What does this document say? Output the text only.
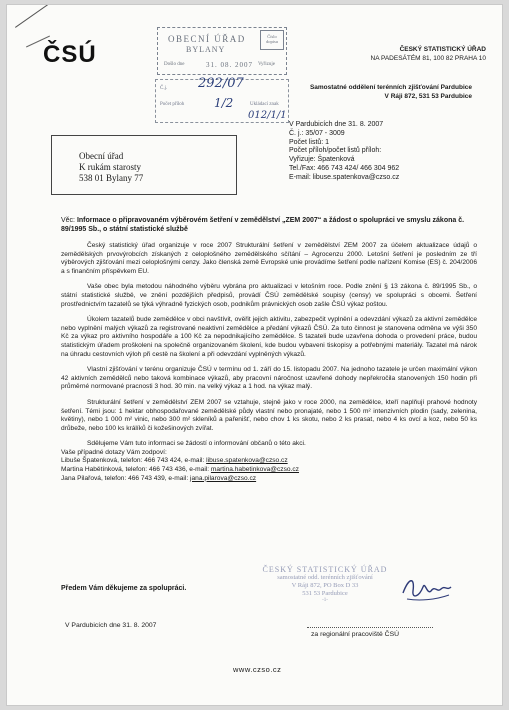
ČSÚ	ČESKÝ STATISTICKÝ ÚŘAD
NA PADESÁTÉM 81, 100 82 PRAHA 10
Samostatné oddělení terénních zjišťování Pardubice
V Ráji 872, 531 53 Pardubice
OBECNÍ ÚŘAD
BYLANY
Došlo dne	31. 08. 2007 Vyřizuje
Číslo dopisu
Č.j.
Počet příloh	Ukládací znak
292/07
1/2
012/1/1
Obecní úřad
K rukám starosty
538 01 Bylany 77
V Pardubicích dne 31. 8. 2007
Č. j.: 35/07 - 3009
Počet listů: 1
Počet příloh/počet listů příloh:
Vyřizuje: Špatenková
Tel./Fax: 466 743 424/ 466 304 962
E-mail: libuse.spatenkova@czso.cz
Věc: Informace o připravovaném výběrovém šetření v zemědělství „ZEM 2007“ a žádost o spolupráci ve smyslu zákona č. 89/1995 Sb., o státní statistické službě

Český statistický úřad organizuje v roce 2007 Strukturální šetření v zemědělství ZEM 2007 za účelem aktualizace údajů o zemědělských prvovýrobcích získaných z celoplošného zemědělského sčítání – Agrocenzu 2000. Letošní šetření je posledním ze tří výběrových zjišťování mezi celoplošnými cenzy. Jako členská země Evropské unie provádíme šetření podle nařízení Komise (ES) č. 204/2006 a s finančním příspěvkem EU.

Vaše obec byla metodou náhodného výběru vybrána pro aktualizaci v letošním roce. Podle znění § 13 zákona č. 89/1995 Sb., o státní statistické službě, ve znění pozdějších předpisů, provádí ČSÚ zemědělské soupisy (censy) ve spolupráci s obcemi. Šetření prostřednictvím tazatelů se týká výhradně fyzických osob, podnikům právnických osob zašle ČSÚ výkaz poštou.

Úkolem tazatelů bude zemědělce v obci navštívit, ověřit jejich aktivitu, zabezpečit vyplnění a odevzdání výkazů za aktivní zemědělce nebo vyplnění malých výkazů za registrované neaktivní zemědělce a předání výkazů ČSÚ. Za tuto činnost je stanovena odměna ve výši 350 Kč za výkaz pro aktivního hospodáře a 100 Kč za nepodnikajícího zemědělce. S tazateli bude uzavřena dohoda o provedení práce, budou statistickým úřadem proškoleni na společně organizovaném školení, kde budou vybaveni tiskopisy a potřebnými materiály. Tazatel má nárok na úhradu cestovních výloh při cestě na školení a při odevzdání vyplněných výkazů.

Vlastní zjišťování v terénu organizuje ČSÚ v termínu od 1. září do 15. listopadu 2007. Na jednoho tazatele je určen maximální výkon 42 aktivních zemědělců nebo taková kombinace výkazů, aby pracovní náročnost uzavřené dohody nepřekročila stanovených 150 hodin při průměrné normované pracnosti 3 hod. 30 min. na velký výkaz a 1 hod. na výkaz malý.

Strukturální šetření v zemědělství ZEM 2007 se vztahuje, stejně jako v roce 2000, na zemědělce, kteří naplňují prahové hodnoty šetření. Témi jsou: 1 hektar obhospodařované zemědělské půdy vlastní nebo pronajaté, nebo 1 500 m² intenzivních plodin (sady, zelenina, květiny), nebo 1 000 m² vinic, nebo 300 m² skleníků a pařenišť, nebo chov 1 ks skotu, nebo 2 ks prasat, nebo 4 ks ovcí a koz, nebo 50 ks drůbeže, nebo 100 ks králíků či kožešinových zvířat.

Sdělujeme Vám tuto informaci se žádostí o informování občanů o této akci.

Vaše případné dotazy Vám zodpoví:
Libuše Špatenková, telefon: 466 743 424, e-mail: libuse.spatenkova@czso.cz
Martina Habětínková, telefon: 466 743 436, e-mail: martina.habetinkova@czso.cz
Jana Pilařová, telefon: 466 743 439, e-mail: jana.pilarova@czso.cz
Předem Vám děkujeme za spolupráci.
ČESKÝ STATISTICKÝ ÚŘAD
samostatné odd. terénních zjišťování
V Ráji 872, PO Box D 33
531 53 Pardubice
-1-
V Pardubicích dne 31. 8. 2007
za regionální pracoviště ČSÚ
www.czso.cz
